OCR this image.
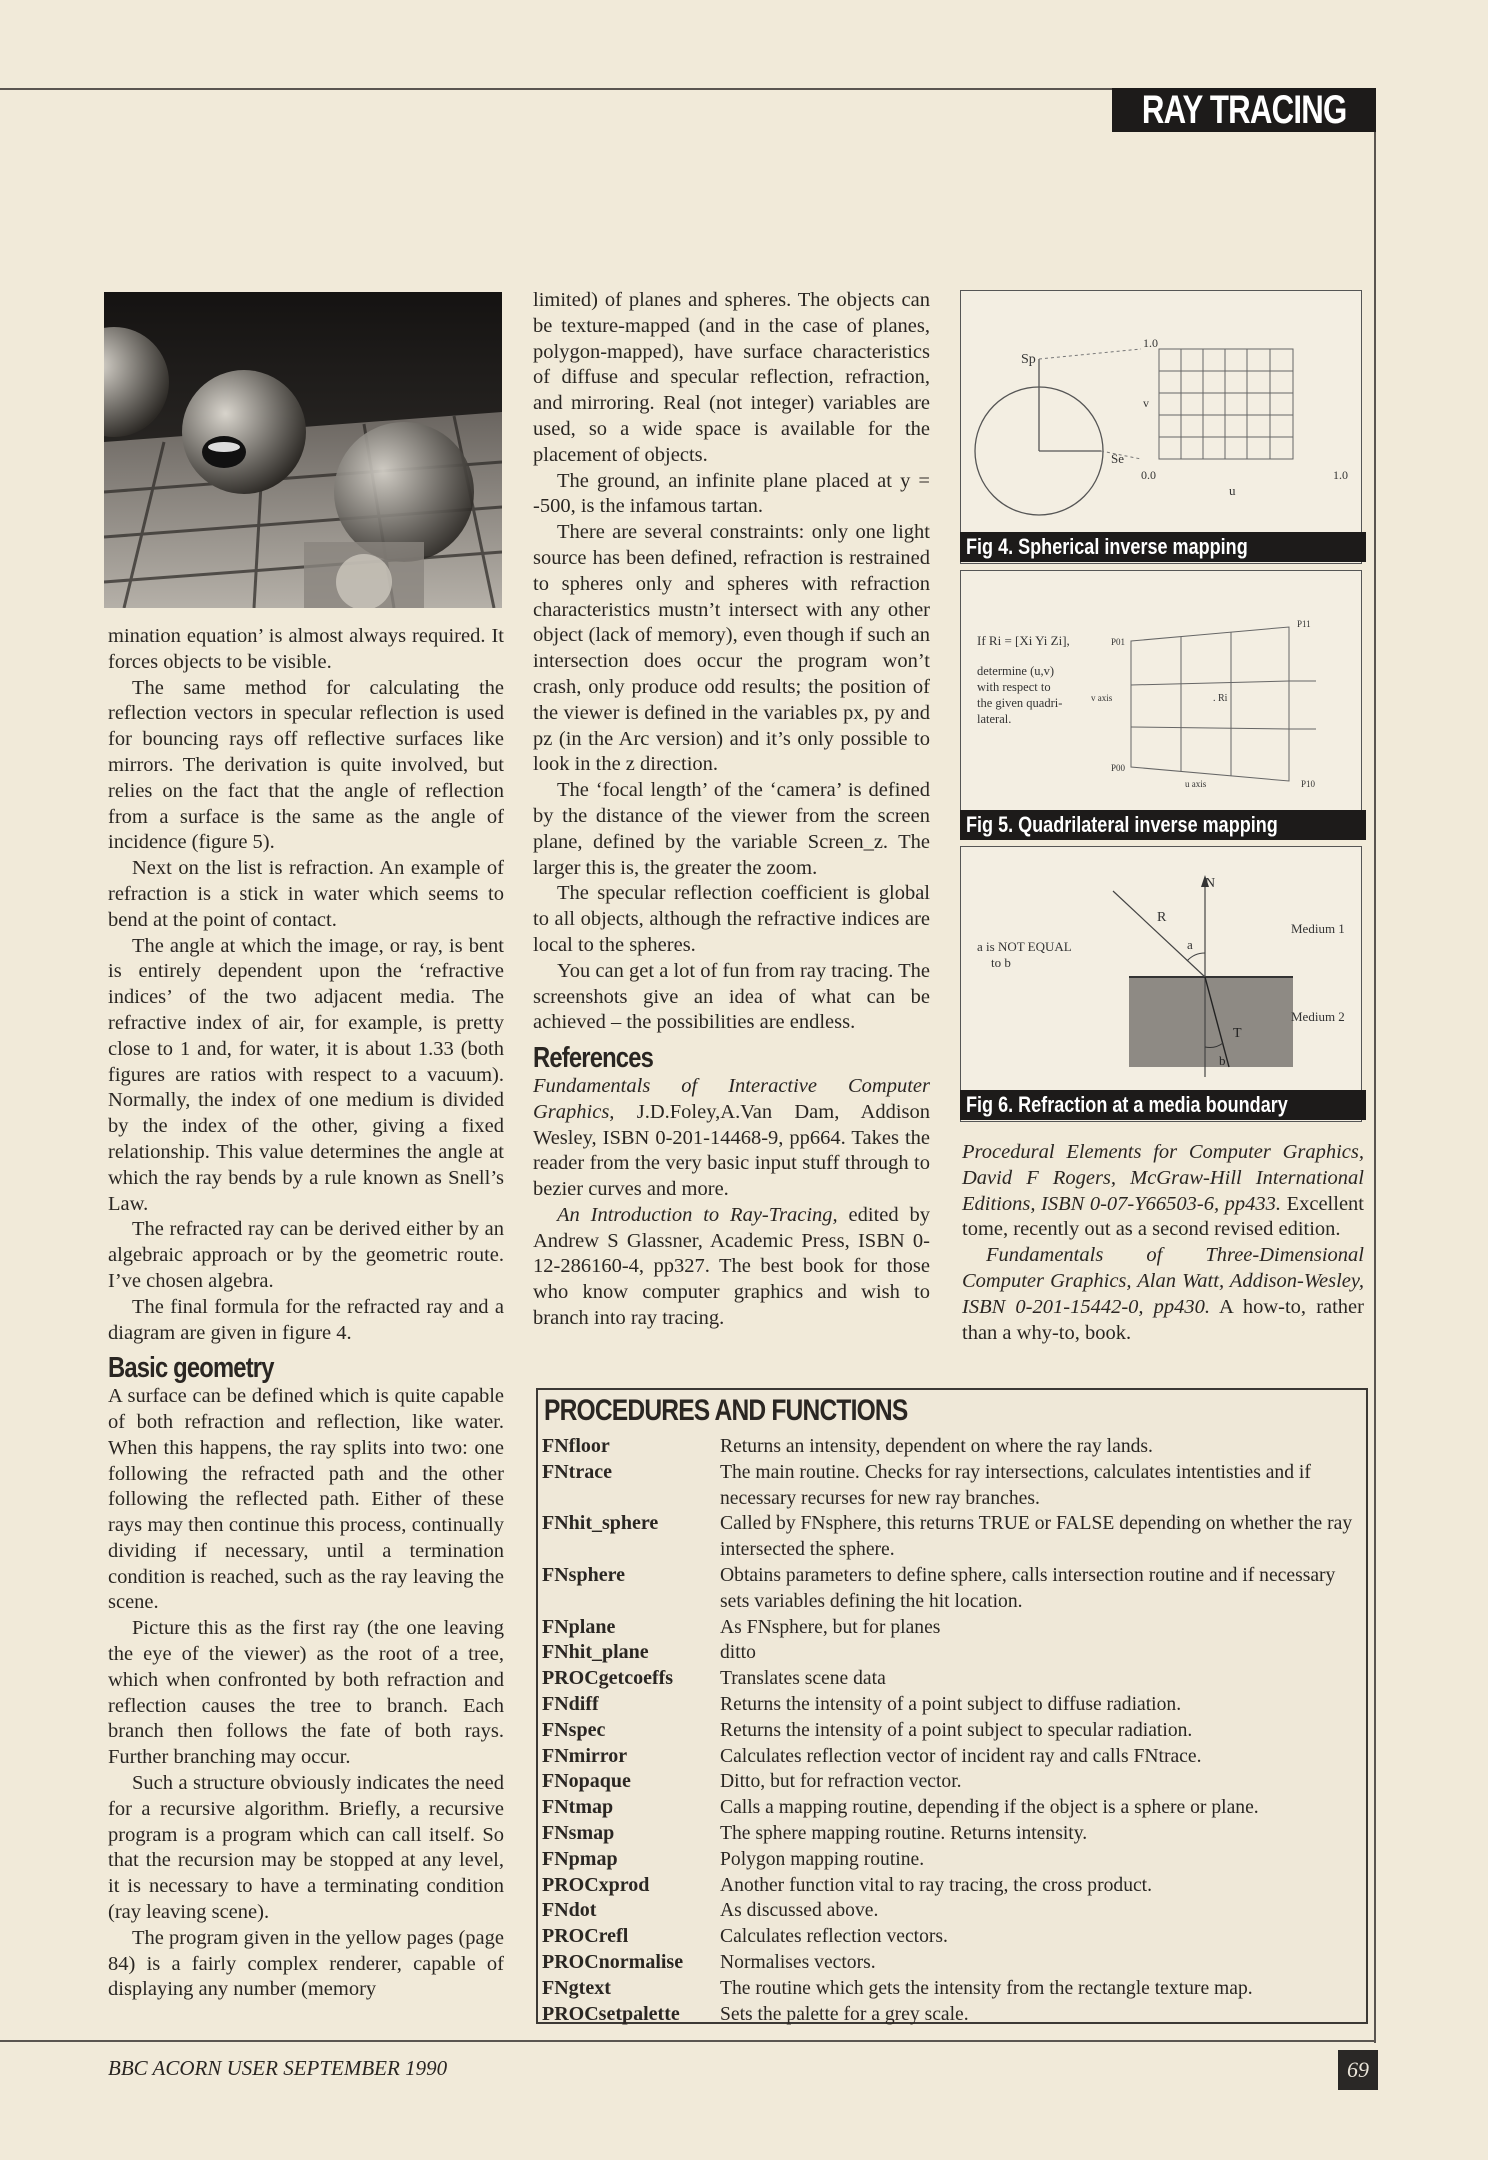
RAY TRACING

mination equation’ is almost always required. It forces objects to be visible.

The same method for calculating the reflection vectors in specular reflection is used for bouncing rays off reflective surfaces like mirrors. The derivation is quite involved, but relies on the fact that the angle of reflection from a surface is the same as the angle of incidence (figure 5).

Next on the list is refraction. An example of refraction is a stick in water which seems to bend at the point of contact.

The angle at which the image, or ray, is bent is entirely dependent upon the ‘refractive indices’ of the two adjacent media. The refractive index of air, for example, is pretty close to 1 and, for water, it is about 1.33 (both figures are ratios with respect to a vacuum). Normally, the index of one medium is divided by the index of the other, giving a fixed relationship. This value determines the angle at which the ray bends by a rule known as Snell’s Law.

The refracted ray can be derived either by an algebraic approach or by the geometric route. I’ve chosen algebra.

The final formula for the refracted ray and a diagram are given in figure 4.

Basic geometry

A surface can be defined which is quite capable of both refraction and reflection, like water. When this happens, the ray splits into two: one following the refracted path and the other following the reflected path. Either of these rays may then continue this process, continually dividing if necessary, until a termination condition is reached, such as the ray leaving the scene.

Picture this as the first ray (the one leaving the eye of the viewer) as the root of a tree, which when confronted by both refraction and reflection causes the tree to branch. Each branch then follows the fate of both rays. Further branching may occur.

Such a structure obviously indicates the need for a recursive algorithm. Briefly, a recursive program is a program which can call itself. So that the recursion may be stopped at any level, it is necessary to have a terminating condition (ray leaving scene).

The program given in the yellow pages (page 84) is a fairly complex renderer, capable of displaying any number (memory

limited) of planes and spheres. The objects can be texture-mapped (and in the case of planes, polygon-mapped), have surface characteristics of diffuse and specular reflection, refraction, and mirroring. Real (not integer) variables are used, so a wide space is available for the placement of objects.

The ground, an infinite plane placed at y = -500, is the infamous tartan.

There are several constraints: only one light source has been defined, refraction is restrained to spheres only and spheres with refraction characteristics mustn’t intersect with any other object (lack of memory), even though if such an intersection does occur the program won’t crash, only produce odd results; the position of the viewer is defined in the variables px, py and pz (in the Arc version) and it’s only possible to look in the z direction.

The ‘focal length’ of the ‘camera’ is defined by the distance of the viewer from the screen plane, defined by the variable Screen_z. The larger this is, the greater the zoom.

The specular reflection coefficient is global to all objects, although the refractive indices are local to the spheres.

You can get a lot of fun from ray tracing. The screenshots give an idea of what can be achieved – the possibilities are endless.

References

Fundamentals of Interactive Computer Graphics, J.D.Foley,A.Van Dam, Addison Wesley, ISBN 0-201-14468-9, pp664. Takes the reader from the very basic input stuff through to bezier curves and more.

An Introduction to Ray-Tracing, edited by Andrew S Glassner, Academic Press, ISBN 0-12-286160-4, pp327. The best book for those who know computer graphics and wish to branch into ray tracing.

Sp
Se
1.0
v
0.0	1.0
u
Fig 4. Spherical inverse mapping
If Ri = [Xi Yi Zi],
determine (u,v)
with respect to
the given quadri-
lateral.
P01
P11
P00
P10
v axis
u axis
. Ri
Fig 5. Quadrilateral inverse mapping
a is NOT EQUAL
to b
N
R
a
T
b
Medium 1
Medium 2
Fig 6. Refraction at a media boundary

Procedural Elements for Computer Graphics, David F Rogers, McGraw-Hill International Editions, ISBN 0-07-Y66503-6, pp433. Excellent tome, recently out as a second revised edition.

Fundamentals of Three-Dimensional Computer Graphics, Alan Watt, Addison-Wesley, ISBN 0-201-15442-0, pp430. A how-to, rather than a why-to, book.

PROCEDURES AND FUNCTIONS
FNfloor	Returns an intensity, dependent on where the ray lands.
FNtrace	The main routine. Checks for ray intersections, calculates intentisties and if necessary recurses for new ray branches.
FNhit_sphere	Called by FNsphere, this returns TRUE or FALSE depending on whether the ray intersected the sphere.
FNsphere	Obtains parameters to define sphere, calls intersection routine and if necessary sets variables defining the hit location.
FNplane	As FNsphere, but for planes
FNhit_plane	ditto
PROCgetcoeffs	Translates scene data
FNdiff	Returns the intensity of a point subject to diffuse radiation.
FNspec	Returns the intensity of a point subject to specular radiation.
FNmirror	Calculates reflection vector of incident ray and calls FNtrace.
FNopaque	Ditto, but for refraction vector.
FNtmap	Calls a mapping routine, depending if the object is a sphere or plane.
FNsmap	The sphere mapping routine. Returns intensity.
FNpmap	Polygon mapping routine.
PROCxprod	Another function vital to ray tracing, the cross product.
FNdot	As discussed above.
PROCrefl	Calculates reflection vectors.
PROCnormalise	Normalises vectors.
FNgtext	The routine which gets the intensity from the rectangle texture map.
PROCsetpalette	Sets the palette for a grey scale.
BBC ACORN USER SEPTEMBER 1990	69
